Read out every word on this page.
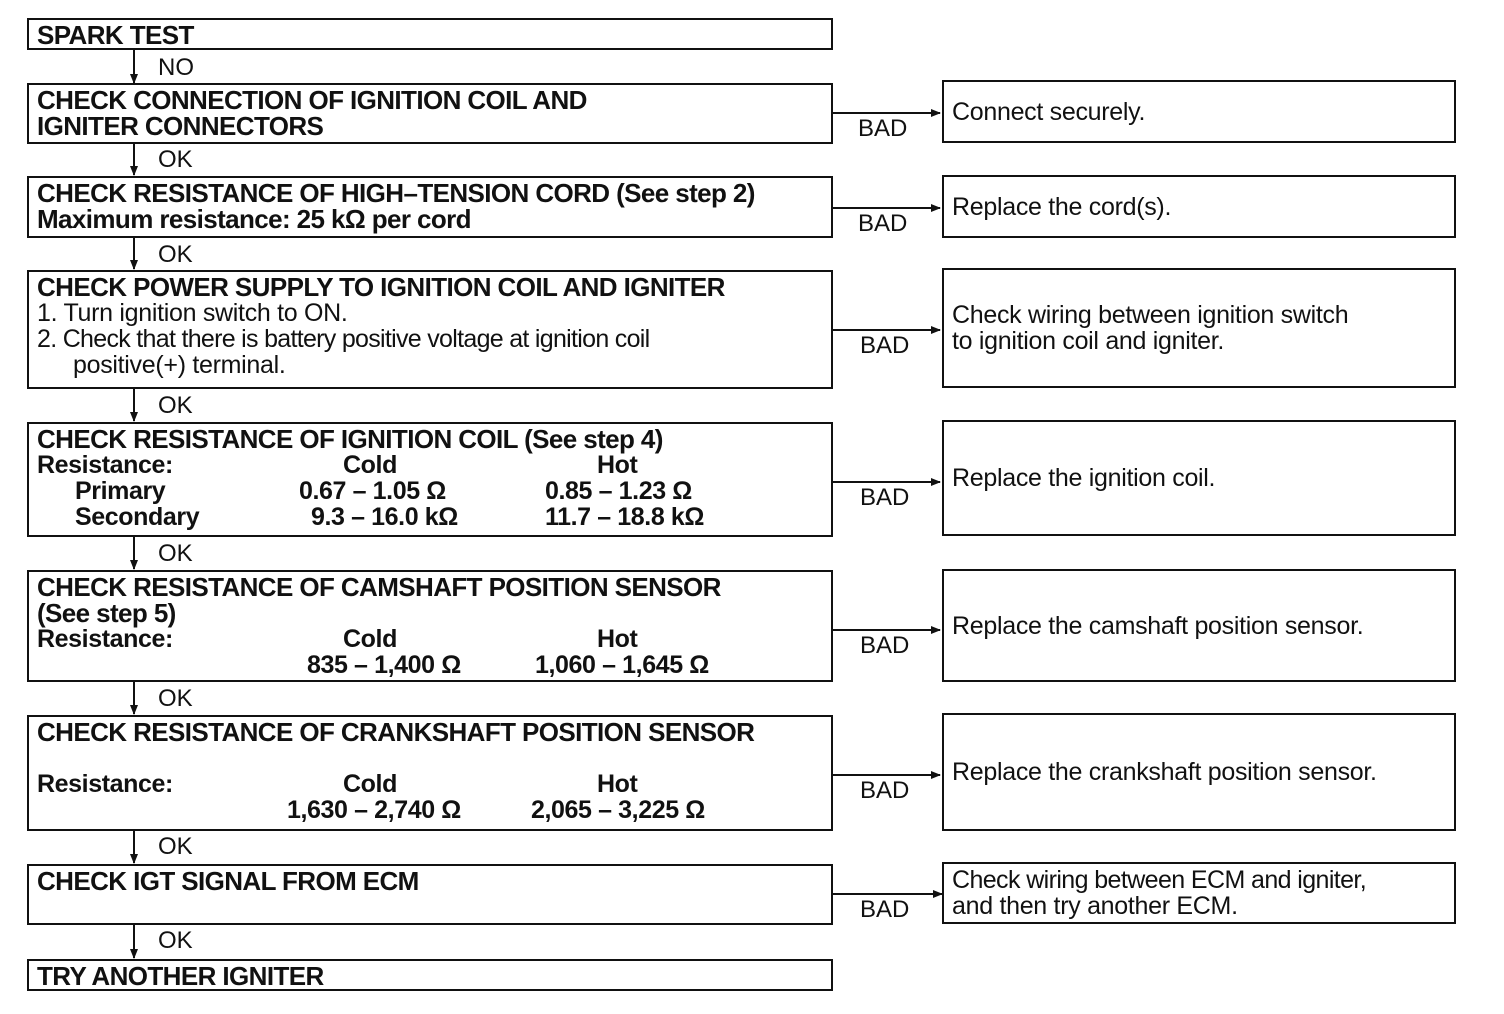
SPARK TEST
NO
CHECK CONNECTION OF IGNITION COIL AND
IGNITER CONNECTORS	BAD
Connect securely.
OK
CHECK RESISTANCE OF HIGH–TENSION CORD (See step 2)
Maximum resistance: 25 kΩ per cord	BAD
Replace the cord(s).
OK
CHECK POWER SUPPLY TO IGNITION COIL AND IGNITER
1. Turn ignition switch to ON.
2. Check that there is battery positive voltage at ignition coil
positive(+) terminal.
BAD
Check wiring between ignition switch
to ignition coil and igniter.
OK
CHECK RESISTANCE OF IGNITION COIL (See step 4)
Resistance:	Cold	Hot
Primary	0.67 – 1.05 Ω	0.85 – 1.23 Ω
Secondary	9.3 – 16.0 kΩ	11.7 – 18.8 kΩ
BAD
Replace the ignition coil.
OK
CHECK RESISTANCE OF CAMSHAFT POSITION SENSOR
(See step 5)
Resistance:	Cold	Hot
835 – 1,400 Ω	1,060 – 1,645 Ω
BAD
Replace the camshaft position sensor.
OK
CHECK RESISTANCE OF CRANKSHAFT POSITION SENSOR
Resistance:	Cold	Hot
1,630 – 2,740 Ω	2,065 – 3,225 Ω
BAD
Replace the crankshaft position sensor.
OK
CHECK IGT SIGNAL FROM ECM
BAD
Check wiring between ECM and igniter,
and then try another ECM.
OK
TRY ANOTHER IGNITER
